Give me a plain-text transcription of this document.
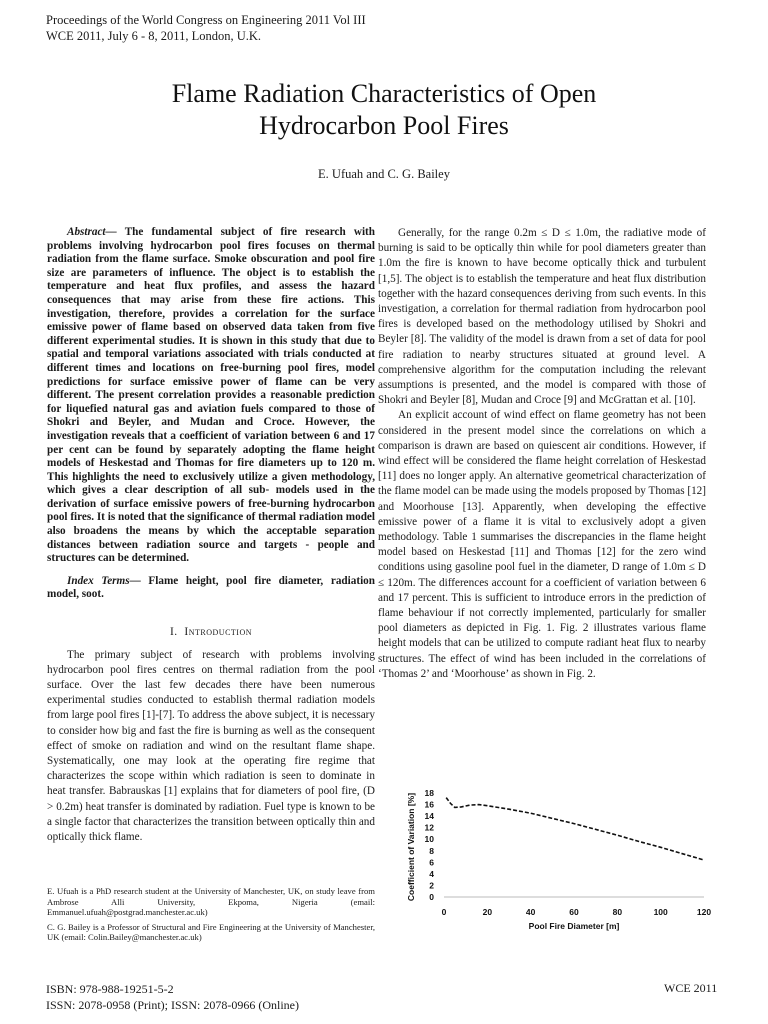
Proceedings of the World Congress on Engineering 2011 Vol III
WCE 2011, July 6 - 8, 2011, London, U.K.
Flame Radiation Characteristics of Open
Hydrocarbon Pool Fires
E. Ufuah and C. G. Bailey

Abstract— The fundamental subject of fire research with problems involving hydrocarbon pool fires focuses on thermal radiation from the flame surface. Smoke obscuration and pool fire size are parameters of influence. The object is to establish the temperature and heat flux profiles, and assess the hazard consequences that may arise from these fire actions. This investigation, therefore, provides a correlation for the surface emissive power of flame based on observed data taken from five different experimental studies. It is shown in this study that due to spatial and temporal variations associated with trials conducted at different times and locations on free-burning pool fires, model predictions for surface emissive power of flame can be very different. The present correlation provides a reasonable prediction for liquefied natural gas and aviation fuels compared to those of Shokri and Beyler, and Mudan and Croce. However, the investigation reveals that a coefficient of variation between 6 and 17 per cent can be found by separately adopting the flame height models of Heskestad and Thomas for fire diameters up to 120 m. This highlights the need to exclusively utilize a given methodology, which gives a clear description of all sub- models used in the derivation of surface emissive powers of free-burning hydrocarbon pool fires. It is noted that the significance of thermal radiation model also broadens the means by which the acceptable separation distances between radiation source and targets - people and structures can be determined.

Index Terms— Flame height, pool fire diameter, radiation model, soot.

I. Introduction

The primary subject of research with problems involving hydrocarbon pool fires centres on thermal radiation from the pool surface. Over the last few decades there have been numerous experimental studies conducted to establish thermal radiation models from large pool fires [1]-[7]. To address the above subject, it is necessary to consider how big and fast the fire is burning as well as the consequent effect of smoke on radiation and wind on the resultant flame shape. Systematically, one may look at the operating fire regime that characterizes the scope within which radiation is seen to dominate in heat transfer. Babrauskas [1] explains that for diameters of pool fire, (D > 0.2m) heat transfer is dominated by radiation. Fuel type is known to be a single factor that characterizes the transition between optically thin and optically thick flame.

E. Ufuah is a PhD research student at the University of Manchester, UK, on study leave from Ambrose Alli University, Ekpoma, Nigeria (email: Emmanuel.ufuah@postgrad.manchester.ac.uk)

C. G. Bailey is a Professor of Structural and Fire Engineering at the University of Manchester, UK (email: Colin.Bailey@manchester.ac.uk)

Generally, for the range 0.2m ≤ D ≤ 1.0m, the radiative mode of burning is said to be optically thin while for pool diameters greater than 1.0m the fire is known to have become optically thick and turbulent [1,5]. The object is to establish the temperature and heat flux distribution together with the hazard consequences deriving from such events. In this investigation, a correlation for thermal radiation from hydrocarbon pool fires is developed based on the methodology utilised by Shokri and Beyler [8]. The validity of the model is drawn from a set of data for pool fire radiation to nearby structures situated at ground level. A comprehensive algorithm for the computation including the relevant assumptions is presented, and the model is compared with those of Shokri and Beyler [8], Mudan and Croce [9] and McGrattan et al. [10].

An explicit account of wind effect on flame geometry has not been considered in the present model since the correlations on which a comparison is drawn are based on quiescent air conditions. However, if wind effect will be considered the flame height correlation of Heskestad [11] does no longer apply. An alternative geometrical characterization of the flame model can be made using the models proposed by Thomas [12] and Moorhouse [13]. Apparently, when developing the effective emissive power of a flame it is vital to exclusively adopt a given methodology. Table 1 summarises the discrepancies in the flame height model based on Heskestad [11] and Thomas [12] for the zero wind conditions using gasoline pool fuel in the diameter, D range of 1.0m ≤ D ≤ 120m. The differences account for a coefficient of variation between 6 and 17 percent. This is sufficient to introduce errors in the prediction of flame behaviour if not correctly implemented, particularly for smaller pool diameters as depicted in Fig. 1. Fig. 2 illustrates various flame height models that can be utilized to compute radiant heat flux to nearby structures. The effect of wind has been included in the correlations of ‘Thomas 2’ and ‘Moorhouse’ as shown in Fig. 2.

0
2
4
6
8
10
12
14
16
18
0	20	40	60	80	100	120
Coefficient of Variation [%]
Pool Fire Diameter [m]
ISBN: 978-988-19251-5-2
ISSN: 2078-0958 (Print); ISSN: 2078-0966 (Online)
WCE 2011
